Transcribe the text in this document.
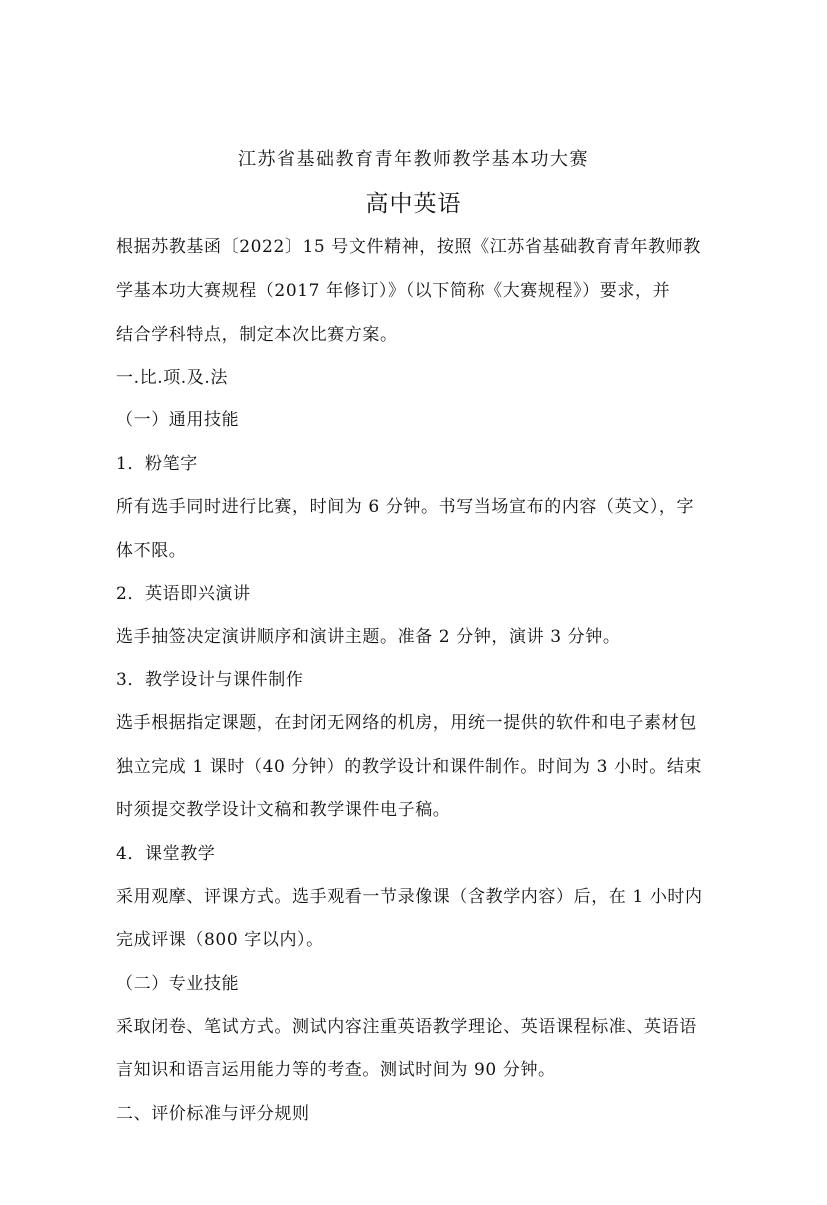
江苏省基础教育青年教师教学基本功大赛
高中英语
根据苏教基函〔2022〕15 号文件精神，按照《江苏省基础教育青年教师教
学基本功大赛规程（2017 年修订）》（以下简称《大赛规程》）要求，并
结合学科特点，制定本次比赛方案。
一.比.项.及.法
（一）通用技能
1．粉笔字
所有选手同时进行比赛，时间为 6 分钟。书写当场宣布的内容（英文），字
体不限。
2．英语即兴演讲
选手抽签决定演讲顺序和演讲主题。准备 2 分钟，演讲 3 分钟。
3．教学设计与课件制作
选手根据指定课题，在封闭无网络的机房，用统一提供的软件和电子素材包
独立完成 1 课时（40 分钟）的教学设计和课件制作。时间为 3 小时。结束
时须提交教学设计文稿和教学课件电子稿。
4．课堂教学
采用观摩、评课方式。选手观看一节录像课（含教学内容）后，在 1 小时内
完成评课（800 字以内）。
（二）专业技能
采取闭卷、笔试方式。测试内容注重英语教学理论、英语课程标准、英语语
言知识和语言运用能力等的考查。测试时间为 90 分钟。
二、评价标准与评分规则
